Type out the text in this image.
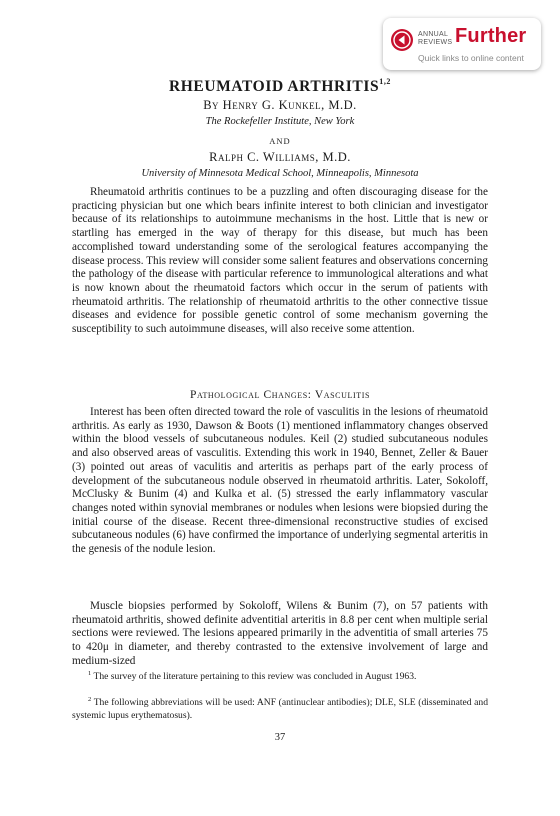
ANNUAL
REVIEWS Further
Quick links to online content
RHEUMATOID ARTHRITIS$^{1,2}$
By Henry G. Kunkel, M.D.
The Rockefeller Institute, New York
AND
Ralph C. Williams, M.D.
University of Minnesota Medical School, Minneapolis, Minnesota

Rheumatoid arthritis continues to be a puzzling and often discouraging disease for the practicing physician but one which bears infinite interest to both clinician and investigator because of its relationships to autoimmune mechanisms in the host. Little that is new or startling has emerged in the way of therapy for this disease, but much has been accomplished toward understanding some of the serological features accompanying the disease process. This review will consider some salient features and observations concerning the pathology of the disease with particular reference to immunological alterations and what is now known about the rheumatoid factors which occur in the serum of patients with rheumatoid arthritis. The relationship of rheumatoid arthritis to the other connective tissue diseases and evidence for possible genetic control of some mechanism governing the susceptibility to such autoimmune diseases, will also receive some attention.

Pathological Changes: Vasculitis

Interest has been often directed toward the role of vasculitis in the lesions of rheumatoid arthritis. As early as 1930, Dawson & Boots (1) mentioned inflammatory changes observed within the blood vessels of subcutaneous nodules. Keil (2) studied subcutaneous nodules and also observed areas of vasculitis. Extending this work in 1940, Bennet, Zeller & Bauer (3) pointed out areas of vaculitis and arteritis as perhaps part of the early process of development of the subcutaneous nodule observed in rheumatoid arthritis. Later, Sokoloff, McClusky & Bunim (4) and Kulka et al. (5) stressed the early inflammatory vascular changes noted within synovial membranes or nodules when lesions were biopsied during the initial course of the disease. Recent three-dimensional reconstructive studies of excised subcutaneous nodules (6) have confirmed the importance of underlying segmental arteritis in the genesis of the nodule lesion.

Muscle biopsies performed by Sokoloff, Wilens & Bunim (7), on 57 patients with rheumatoid arthritis, showed definite adventitial arteritis in 8.8 per cent when multiple serial sections were reviewed. The lesions appeared primarily in the adventitia of small arteries 75 to 420μ in diameter, and thereby contrasted to the extensive involvement of large and medium-sized

$^1$ The survey of the literature pertaining to this review was concluded in August 1963.

$^2$ The following abbreviations will be used: ANF (antinuclear antibodies); DLE, SLE (disseminated and systemic lupus erythematosus).

37
